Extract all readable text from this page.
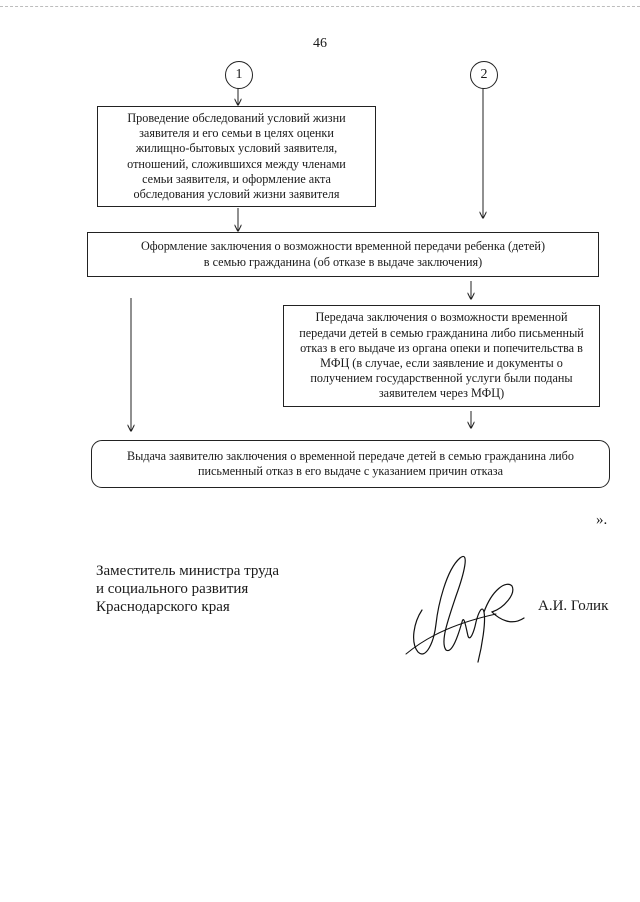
46
1	2
Проведение обследований условий жизни
заявителя и его семьи в целях оценки
жилищно-бытовых условий заявителя,
отношений, сложившихся между членами
семьи заявителя, и оформление акта
обследования условий жизни заявителя
Оформление заключения о возможности временной передачи ребенка (детей)
в семью гражданина (об отказе в выдаче заключения)
Передача заключения о возможности временной
передачи детей в семью гражданина либо письменный
отказ в его выдаче из органа опеки и попечительства в
МФЦ (в случае, если заявление и документы о
получением государственной услуги были поданы
заявителем через МФЦ)
Выдача заявителю заключения о временной передаче детей в семью гражданина либо
письменный отказ в его выдаче с указанием причин отказа
».
Заместитель министра труда
и социального развития
Краснодарского края	А.И. Голик
